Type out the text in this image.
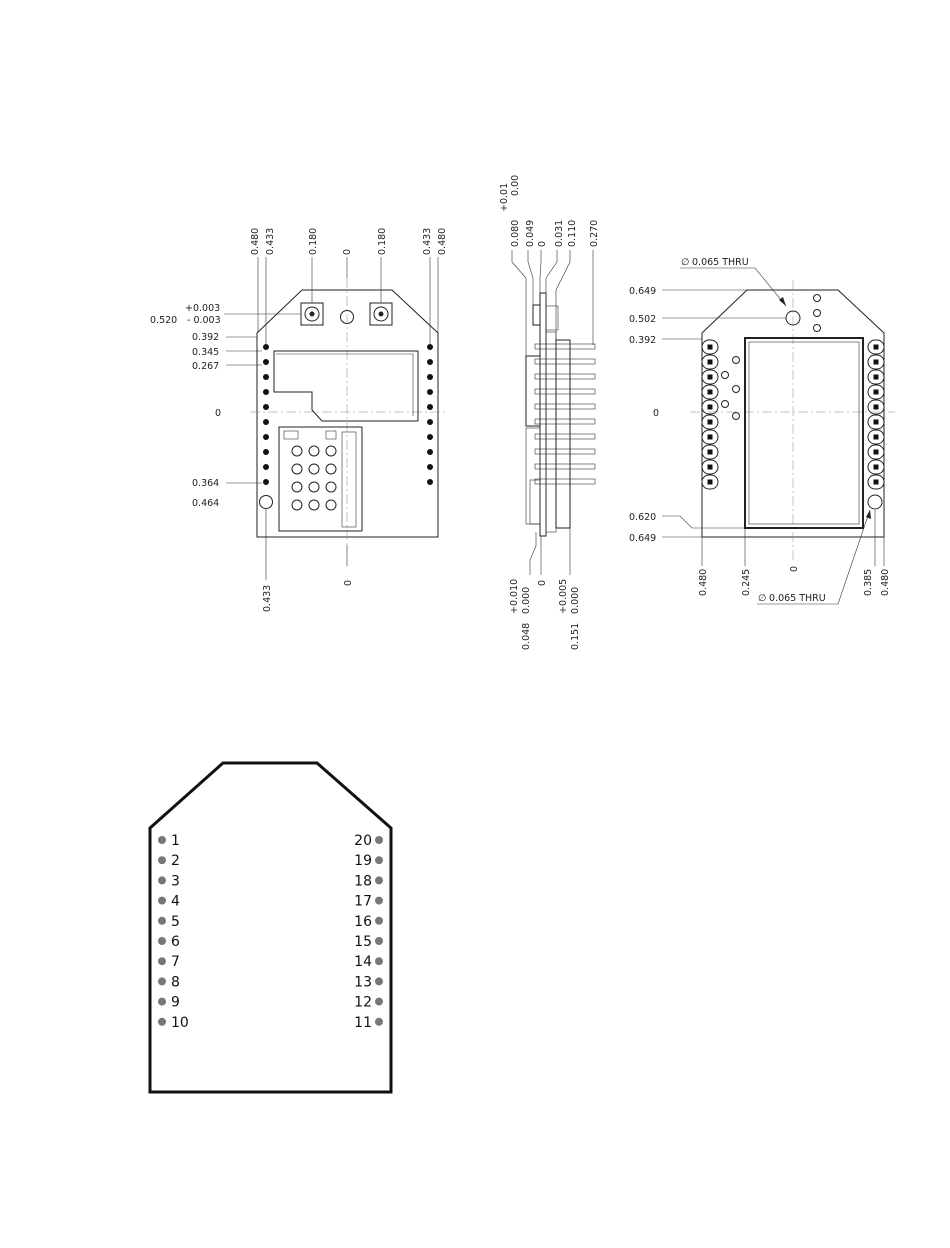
0.480 0.433	0.180 0	0.180	0.433 0.480
+0.003
0.520 - 0.003
0.392
0.345
0.267
0
0.364
0.464
0.433
0
+0.01 0.00
0.080 0.049 0 0.031 0.110 0.270
+0.010 0.000
0 +0.005 0.000
0.048	0.151
∅ 0.065 THRU
∅ 0.065 THRU
0.649
0.502
0.392
0
0.620
0.649
0.480	0.245	0	0.385 0.480
1
2
3
4
5
6
7
8
9
10
20
19
18
17
16
15
14
13
12
11
